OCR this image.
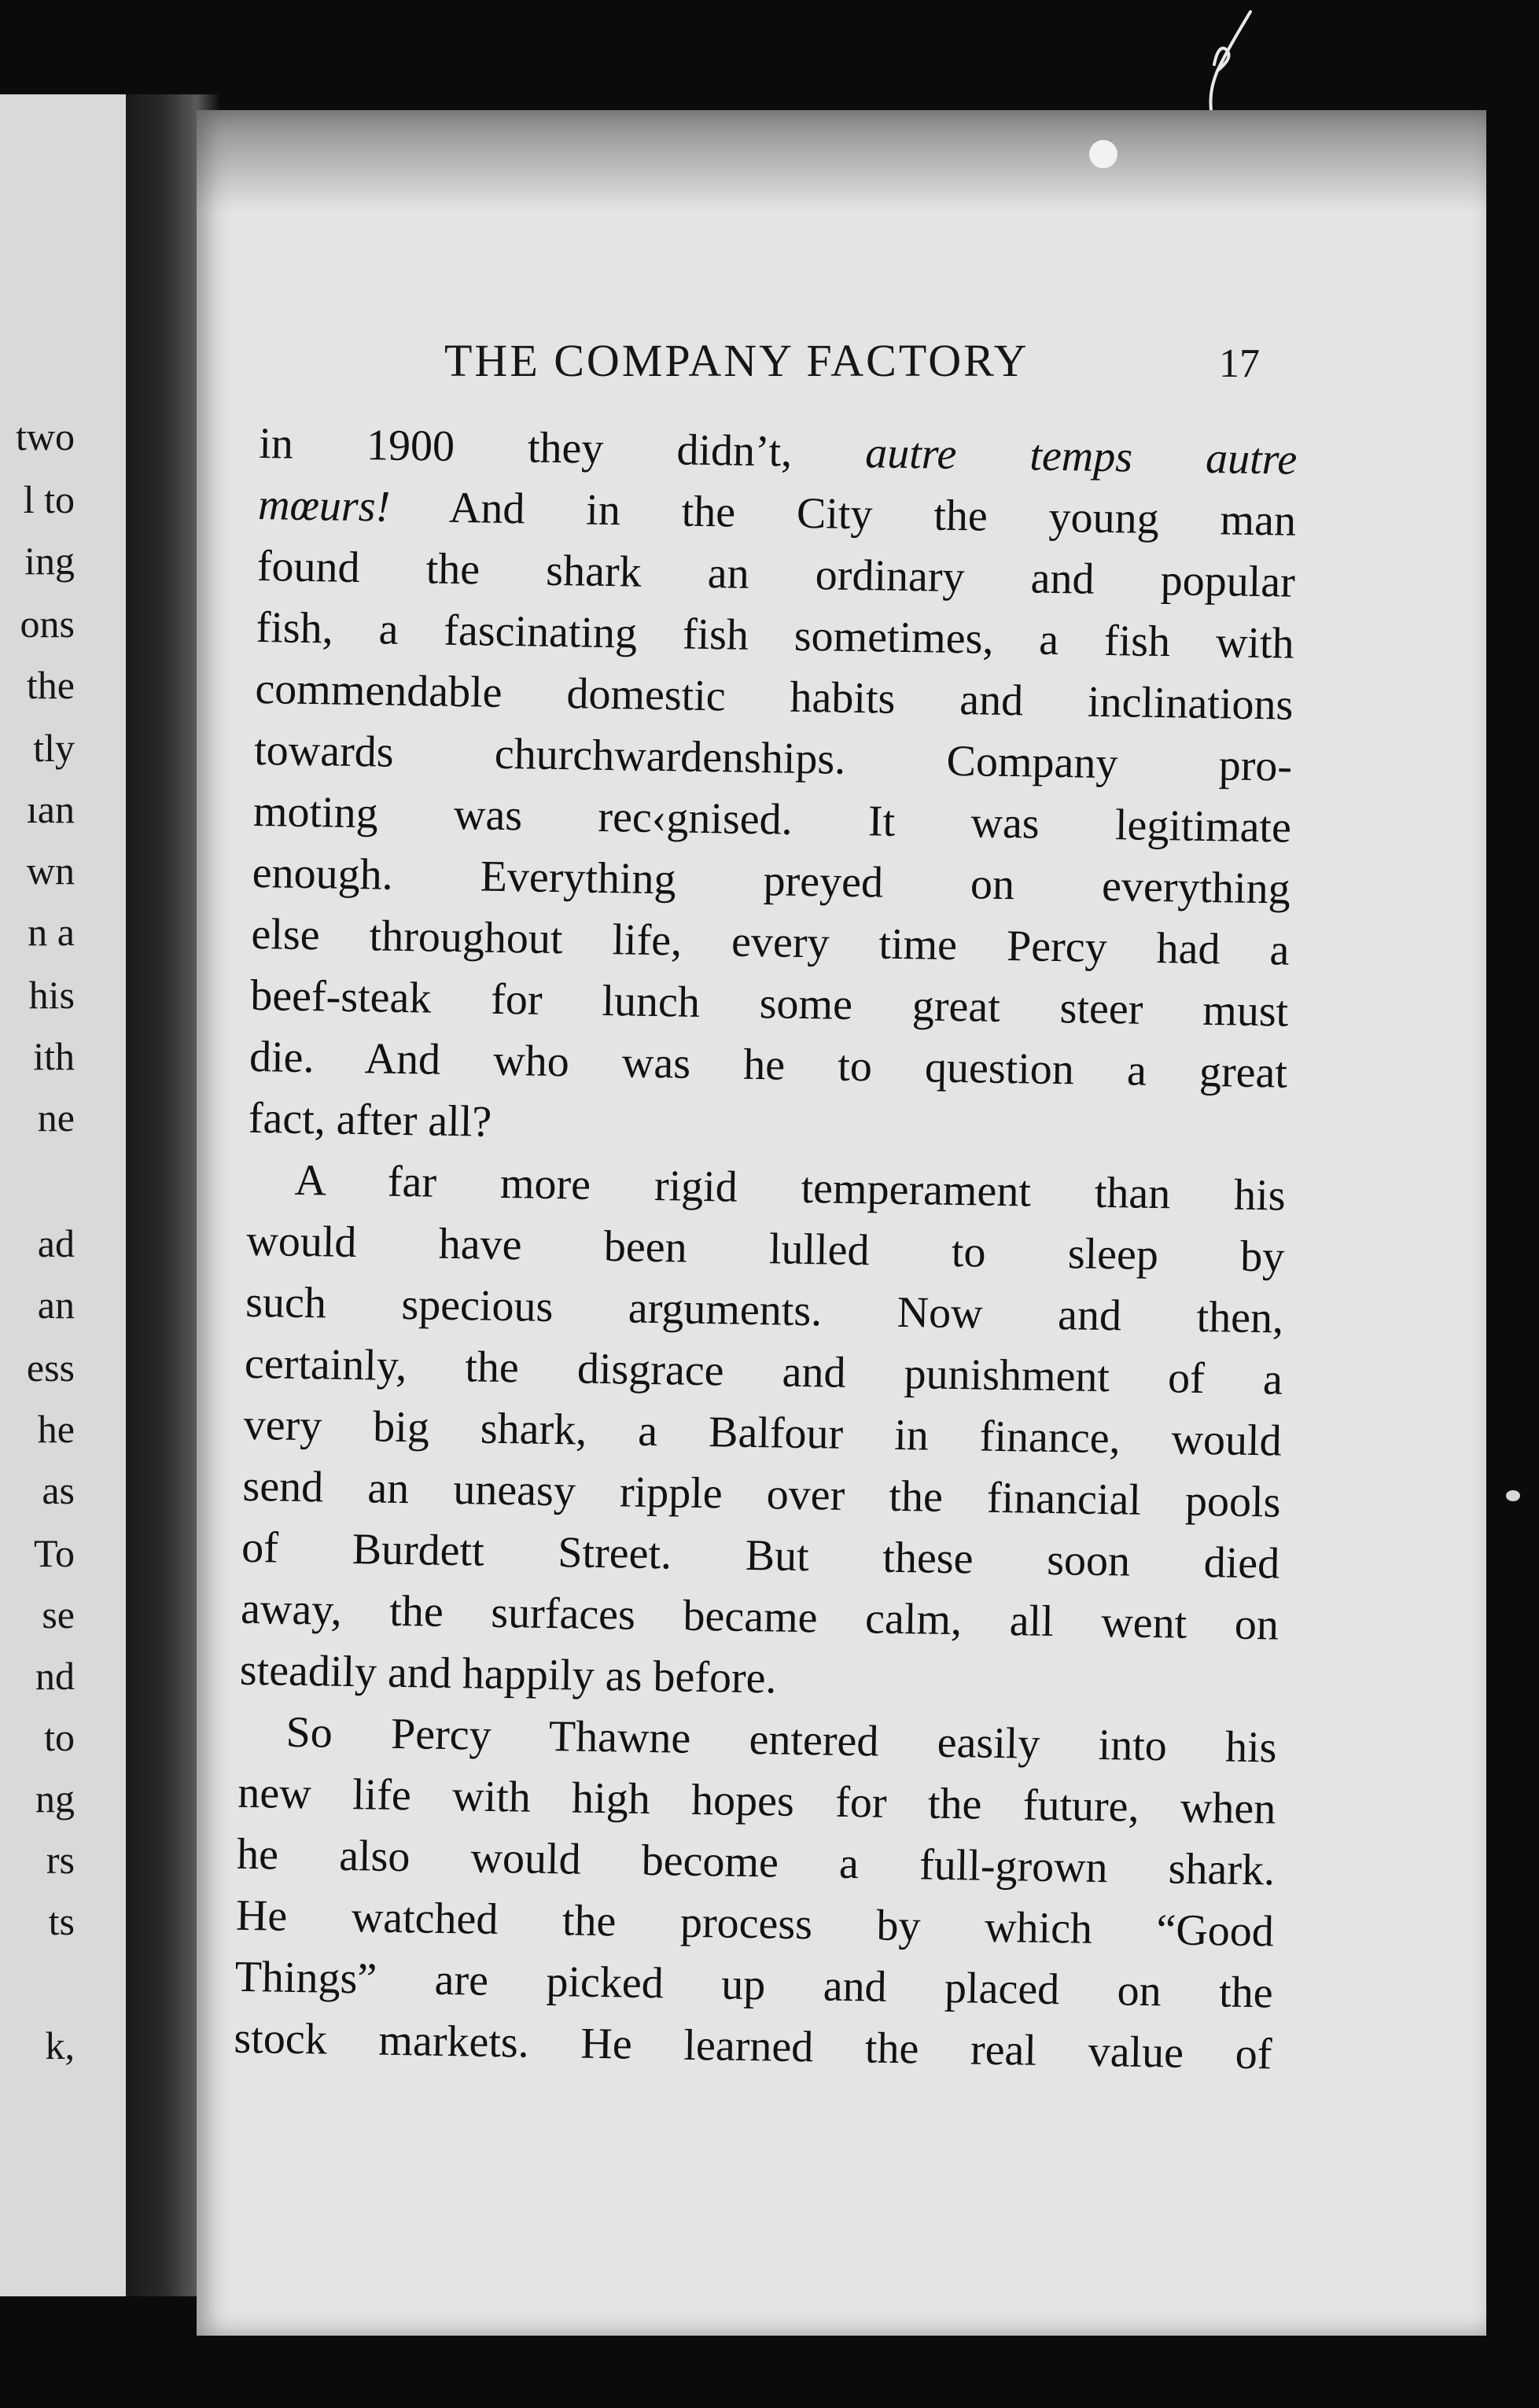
two
l to
ing
ons
the
tly
ıan
wn
n a
his
ith
ne
ad
an
ess
he
as
To
se
nd
to
ng
rs
ts
k,
THE COMPANY FACTORY	17
in 1900 they didn’t, autre temps autre
mœurs! And in the City the young man
found the shark an ordinary and popular
fish, a fascinating fish sometimes, a fish with
commendable domestic habits and inclinations
towards churchwardenships. Company pro-
moting was rec‹gnised. It was legitimate
enough. Everything preyed on everything
else throughout life, every time Percy had a
beef-steak for lunch some great steer must
die. And who was he to question a great
fact, after all?
A far more rigid temperament than his
would have been lulled to sleep by
such specious arguments. Now and then,
certainly, the disgrace and punishment of a
very big shark, a Balfour in finance, would
send an uneasy ripple over the financial pools
of Burdett Street. But these soon died
away, the surfaces became calm, all went on
steadily and happily as before.
So Percy Thawne entered easily into his
new life with high hopes for the future, when
he also would become a full-grown shark.
He watched the process by which “Good
Things” are picked up and placed on the
stock markets. He learned the real value of
